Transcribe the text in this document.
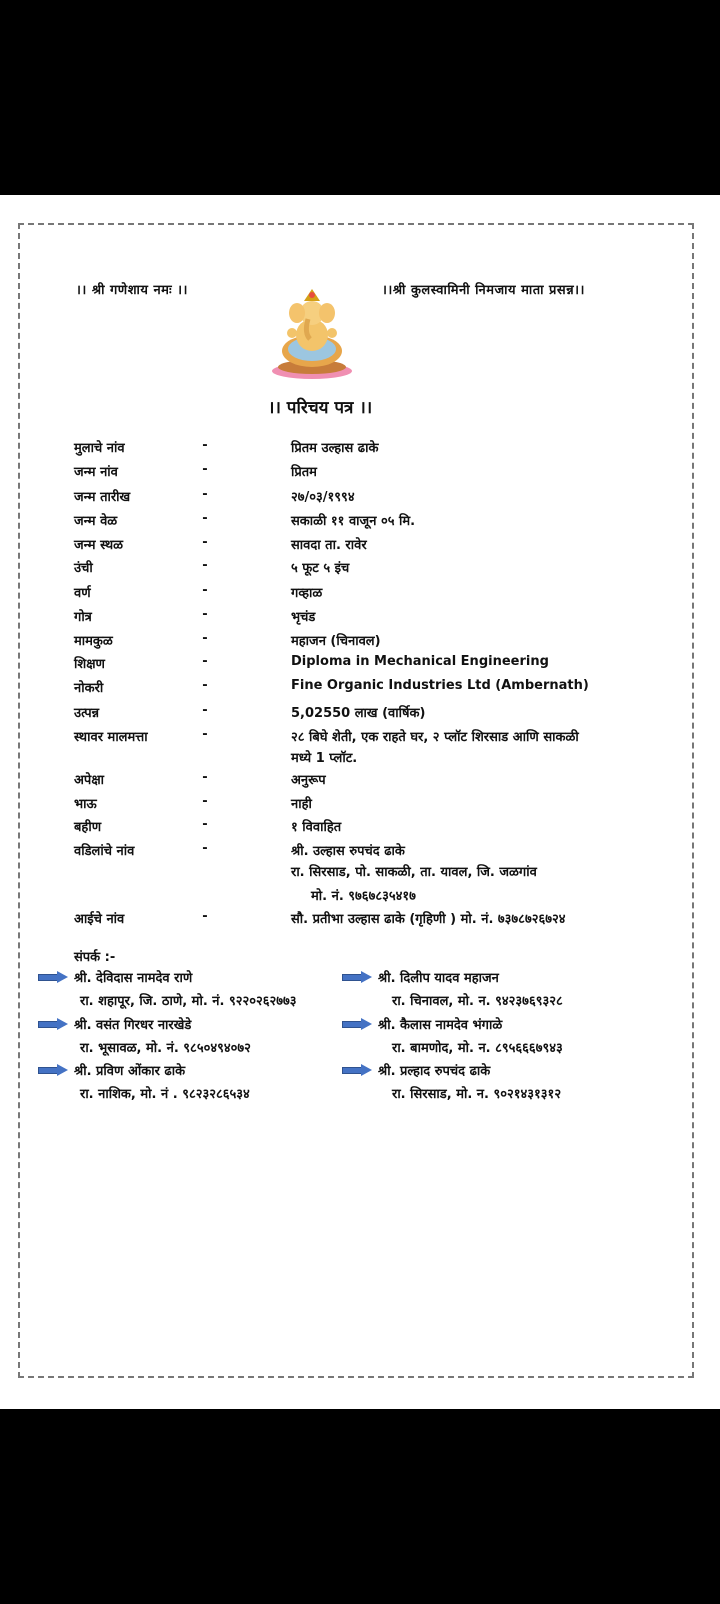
।। श्री गणेशाय नमः ।।	।।श्री कुलस्वामिनी निमजाय माता प्रसन्न।।
।। परिचय पत्र ।।
मुलाचे नांव	-	प्रितम उल्हास ढाके
जन्म नांव	-	प्रितम
जन्म तारीख	-	२७/०३/१९९४
जन्म वेळ	-	सकाळी ११ वाजून ०५ मि.
जन्म स्थळ	-	सावदा ता. रावेर
उंची	-	५ फूट ५ इंच
वर्ण	-	गव्हाळ
गोत्र	-	भृचंड
मामकुळ	-	महाजन (चिनावल)
शिक्षण	-	Diploma in Mechanical Engineering
नोकरी	-	Fine Organic Industries Ltd (Ambernath)
उत्पन्न	-	5,02550 लाख (वार्षिक)
स्थावर मालमत्ता	-	२८ बिघे शेती, एक राहते घर, २ प्लॉट शिरसाड आणि साकळी
मध्ये 1 प्लॉट.
अपेक्षा	-	अनुरूप
भाऊ	-	नाही
बहीण	-	१ विवाहित
वडिलांचे नांव	-	श्री. उल्हास रुपचंद ढाके
रा. सिरसाड, पो. साकळी, ता. यावल, जि. जळगांव
मो. नं. ९७६७८३५४१७
आईचे नांव	-	सौ. प्रतीभा उल्हास ढाके (गृहिणी ) मो. नं. ७३७८७२६७२४
संपर्क :-
श्री. देविदास नामदेव राणे
रा. शहापूर, जि. ठाणे, मो. नं. ९२२०२६२७७३
श्री. दिलीप यादव महाजन
रा. चिनावल, मो. न. ९४२३७६९३२८
श्री. वसंत गिरधर नारखेडे
रा. भूसावळ, मो. नं. ९८५०४९४०७२
श्री. कैलास नामदेव भंगाळे
रा. बामणोद, मो. न. ८९५६६६७९४३
श्री. प्रविण ओंकार ढाके
रा. नाशिक, मो. नं . ९८२३२८६५३४
श्री. प्रल्हाद रुपचंद ढाके
रा. सिरसाड, मो. न. ९०२१४३१३१२
